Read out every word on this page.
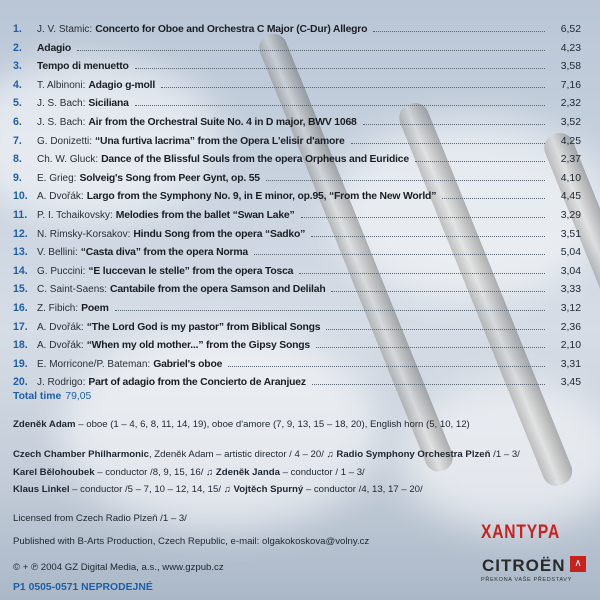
1.	J. V. Stamic: Concerto for Oboe and Orchestra C Major (C-Dur) Allegro	6,52
2.	Adagio	4,23
3.	Tempo di menuetto	3,58
4.	T. Albinoni: Adagio g-moll	7,16
5.	J. S. Bach: Siciliana	2,32
6.	J. S. Bach: Air from the Orchestral Suite No. 4 in D major, BWV 1068	3,52
7.	G. Donizetti: “Una furtiva lacrima” from the Opera L'elisir d'amore	4,25
8.	Ch. W. Gluck: Dance of the Blissful Souls from the opera Orpheus and Euridice	2,37
9.	E. Grieg: Solveig's Song from Peer Gynt, op. 55	4,10
10. A. Dvořák: Largo from the Symphony No. 9, in E minor, op.95, “From the New World”	4,45
11. P. I. Tchaikovsky: Melodies from the ballet “Swan Lake”	3,29
12. N. Rimsky-Korsakov: Hindu Song from the opera “Sadko”	3,51
13. V. Bellini: “Casta diva” from the opera Norma	5,04
14. G. Puccini: “E luccevan le stelle” from the opera Tosca	3,04
15. C. Saint-Saens: Cantabile from the opera Samson and Delilah	3,33
16. Z. Fibich: Poem	3,12
17. A. Dvořák: “The Lord God is my pastor” from Biblical Songs	2,36
18. A. Dvořák: “When my old mother...” from the Gipsy Songs	2,10
19. E. Morricone/P. Bateman: Gabriel's oboe	3,31
20. J. Rodrigo: Part of adagio from the Concierto de Aranjuez	3,45
Total time 79,05
Zdeněk Adam – oboe (1 – 4, 6, 8, 11, 14, 19), oboe d'amore (7, 9, 13, 15 – 18, 20), English horn (5, 10, 12)
Czech Chamber Philharmonic, Zdeněk Adam – artistic director / 4 – 20/ ♫ Radio Symphony Orchestra Plzeň /1 – 3/
Karel Bělohoubek – conductor /8, 9, 15, 16/ ♫ Zdeněk Janda – conductor / 1 – 3/
Klaus Linkel – conductor /5 – 7, 10 – 12, 14, 15/ ♫ Vojtěch Spurný – conductor /4, 13, 17 – 20/
Licensed from Czech Radio Plzeň /1 – 3/
Published with B-Arts Production, Czech Republic, e-mail: olgakokoskova@volny.cz
© + ℗ 2004 GZ Digital Media, a.s., www.gzpub.cz
P1 0505-0571 NEPRODEJNÉ
XANTYPA
CITROËN ∧
PŘEKONA VAŠE PŘEDSTAVY
